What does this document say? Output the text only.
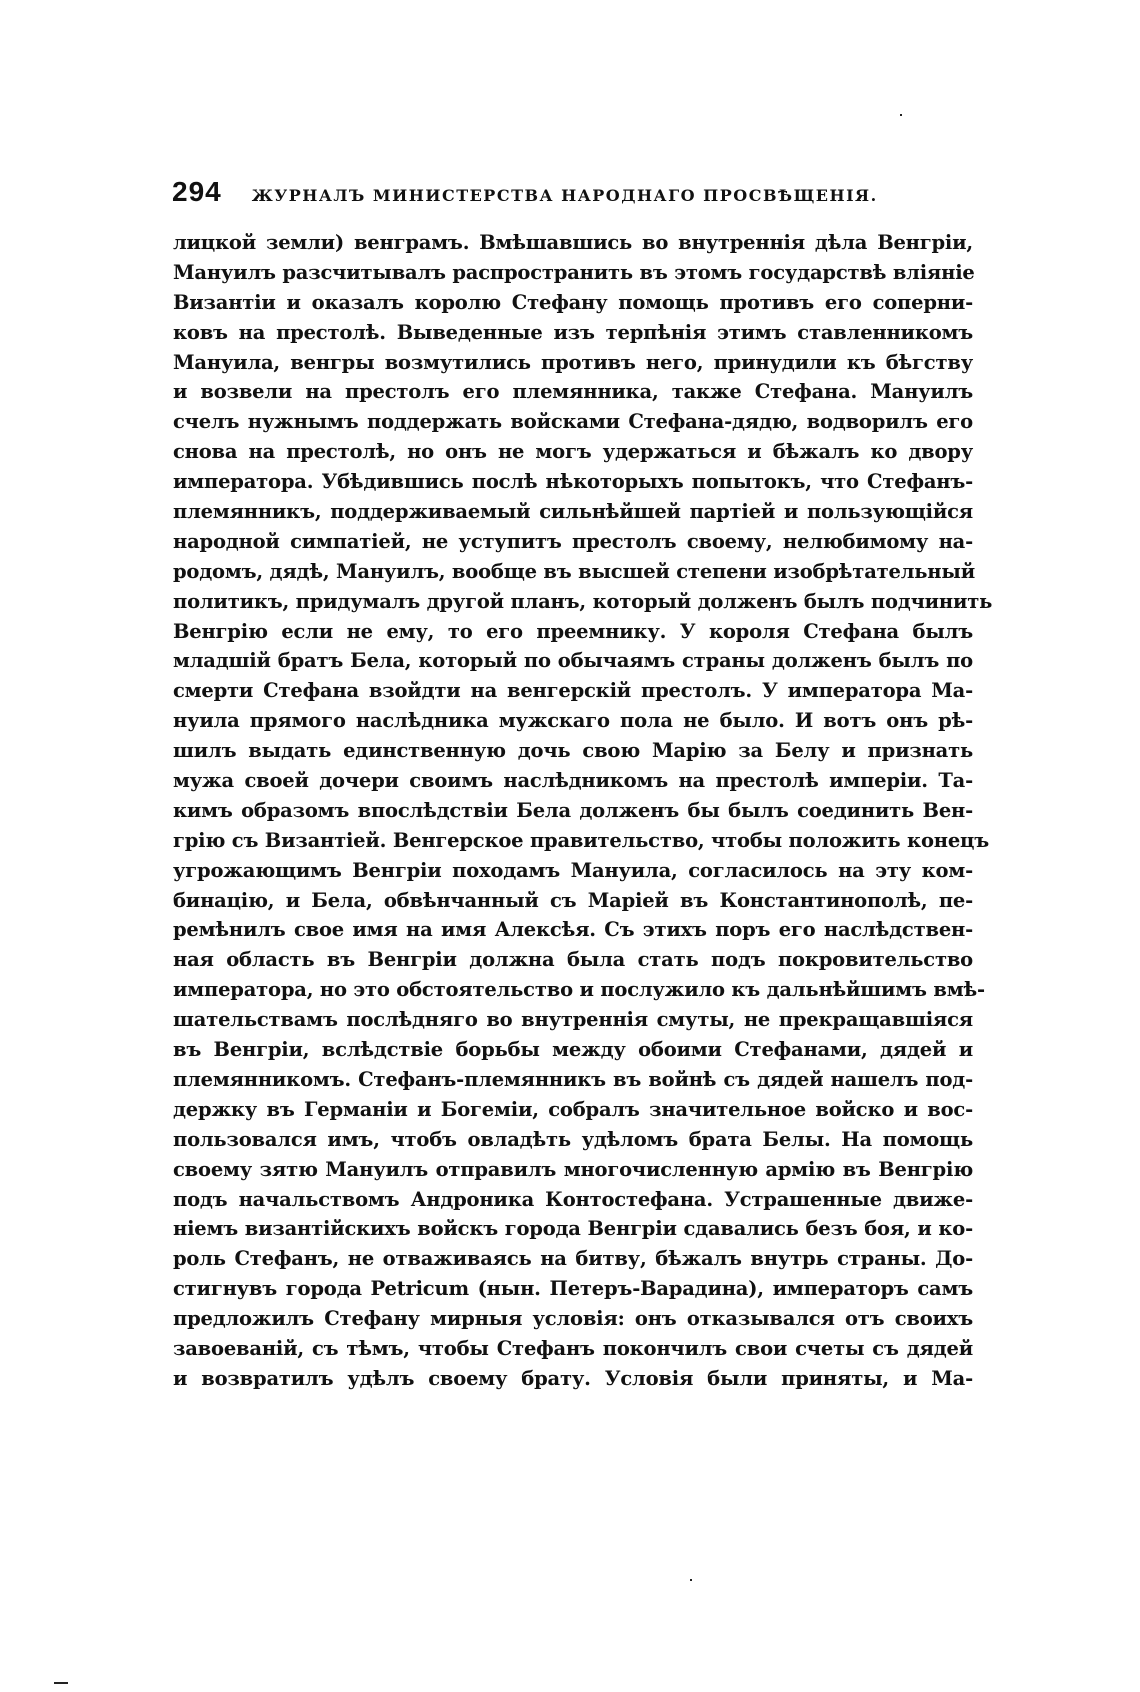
294 ЖУРНАЛЪ МИНИСТЕРСТВА НАРОДНАГО ПРОСВѢЩЕНІЯ.
лицкой земли) венграмъ. Вмѣшавшись во внутреннія дѣла Венгріи,
Мануилъ разсчитывалъ распространить въ этомъ государствѣ вліяніе
Византіи и оказалъ королю Стефану помощь противъ его соперни-
ковъ на престолѣ. Выведенные изъ терпѣнія этимъ ставленникомъ
Мануила, венгры возмутились противъ него, принудили къ бѣгству
и возвели на престолъ его племянника, также Стефана. Мануилъ
счелъ нужнымъ поддержать войсками Стефана-дядю, водворилъ его
снова на престолѣ, но онъ не могъ удержаться и бѣжалъ ко двору
императора. Убѣдившись послѣ нѣкоторыхъ попытокъ, что Стефанъ-
племянникъ, поддерживаемый сильнѣйшей партіей и пользующійся
народной симпатіей, не уступитъ престолъ своему, нелюбимому на-
родомъ, дядѣ, Мануилъ, вообще въ высшей степени изобрѣтательный
политикъ, придумалъ другой планъ, который долженъ былъ подчинить
Венгрію если не ему, то его преемнику. У короля Стефана былъ
младшій братъ Бела, который по обычаямъ страны долженъ былъ по
смерти Стефана взойдти на венгерскій престолъ. У императора Ма-
нуила прямого наслѣдника мужскаго пола не было. И вотъ онъ рѣ-
шилъ выдать единственную дочь свою Марію за Белу и признать
мужа своей дочери своимъ наслѣдникомъ на престолѣ имперіи. Та-
кимъ образомъ впослѣдствіи Бела долженъ бы былъ соединить Вен-
грію съ Византіей. Венгерское правительство, чтобы положить конецъ
угрожающимъ Венгріи походамъ Мануила, согласилось на эту ком-
бинацію, и Бела, обвѣнчанный съ Маріей въ Константинополѣ, пе-
ремѣнилъ свое имя на имя Алексѣя. Съ этихъ поръ его наслѣдствен-
ная область въ Венгріи должна была стать подъ покровительство
императора, но это обстоятельство и послужило къ дальнѣйшимъ вмѣ-
шательствамъ послѣдняго во внутреннія смуты, не прекращавшіяся
въ Венгріи, вслѣдствіе борьбы между обоими Стефанами, дядей и
племянникомъ. Стефанъ-племянникъ въ войнѣ съ дядей нашелъ под-
держку въ Германіи и Богеміи, собралъ значительное войско и вос-
пользовался имъ, чтобъ овладѣть удѣломъ брата Белы. На помощь
своему зятю Мануилъ отправилъ многочисленную армію въ Венгрію
подъ начальствомъ Андроника Контостефана. Устрашенные движе-
ніемъ византійскихъ войскъ города Венгріи сдавались безъ боя, и ко-
роль Стефанъ, не отваживаясь на битву, бѣжалъ внутрь страны. До-
стигнувъ города Petricum (нын. Петеръ-Варадина), императоръ самъ
предложилъ Стефану мирныя условія: онъ отказывался отъ своихъ
завоеваній, съ тѣмъ, чтобы Стефанъ покончилъ свои счеты съ дядей
и возвратилъ удѣлъ своему брату. Условія были приняты, и Ма-
